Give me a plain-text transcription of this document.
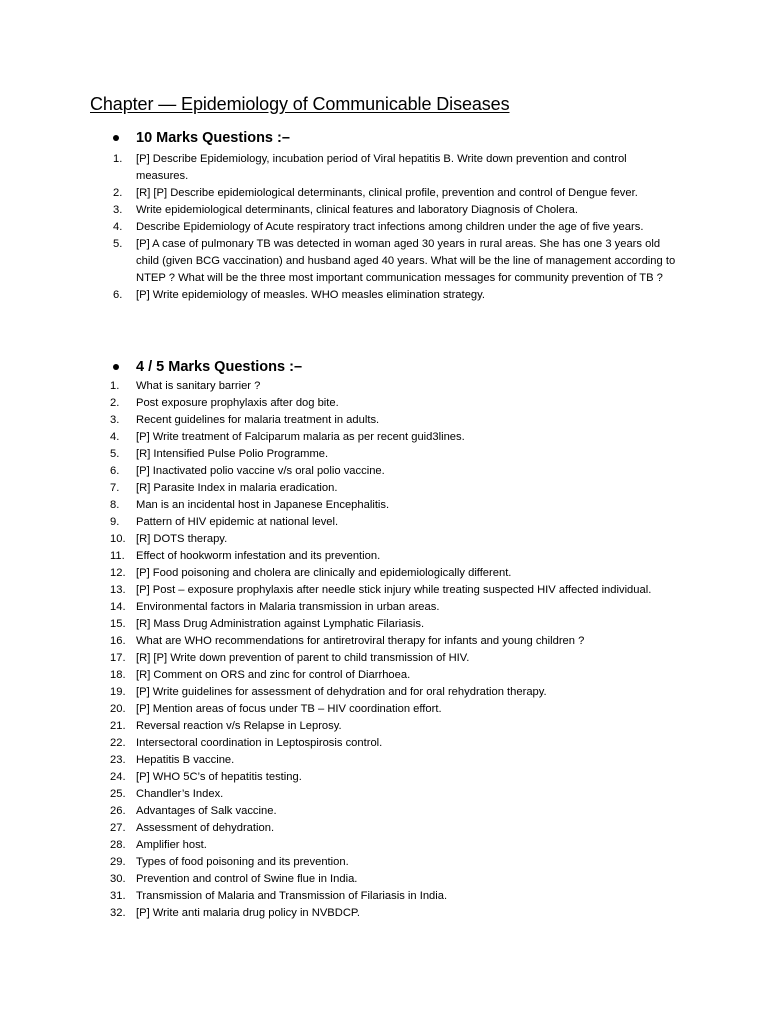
Chapter — Epidemiology of Communicable Diseases
10 Marks Questions :–
1.	[P] Describe Epidemiology, incubation period of Viral hepatitis B. Write down prevention and control measures.
2.	[R] [P] Describe epidemiological determinants, clinical profile, prevention and control of Dengue fever.
3.	Write epidemiological determinants, clinical features and laboratory Diagnosis of Cholera.
4.	Describe Epidemiology of Acute respiratory tract infections among children under the age of five years.
5.	[P] A case of pulmonary TB was detected in woman aged 30 years in rural areas. She has one 3 years old child (given BCG vaccination) and husband aged 40 years. What will be the line of management according to NTEP ? What will be the three most important communication messages for community prevention of TB ?
6.	[P] Write epidemiology of measles. WHO measles elimination strategy.
4 / 5 Marks Questions :–
1.	What is sanitary barrier ?
2.	Post exposure prophylaxis after dog bite.
3.	Recent guidelines for malaria treatment in adults.
4.	[P] Write treatment of Falciparum malaria as per recent guid3lines.
5.	[R] Intensified Pulse Polio Programme.
6.	[P] Inactivated polio vaccine v/s oral polio vaccine.
7.	[R] Parasite Index in malaria eradication.
8.	Man is an incidental host in Japanese Encephalitis.
9.	Pattern of HIV epidemic at national level.
10. [R] DOTS therapy.
11.	Effect of hookworm infestation and its prevention.
12. [P] Food poisoning and cholera are clinically and epidemiologically different.
13. [P] Post – exposure prophylaxis after needle stick injury while treating suspected HIV affected individual.
14. Environmental factors in Malaria transmission in urban areas.
15. [R] Mass Drug Administration against Lymphatic Filariasis.
16. What are WHO recommendations for antiretroviral therapy for infants and young children ?
17. [R] [P] Write down prevention of parent to child transmission of HIV.
18. [R] Comment on ORS and zinc for control of Diarrhoea.
19. [P] Write guidelines for assessment of dehydration and for oral rehydration therapy.
20. [P] Mention areas of focus under TB – HIV coordination effort.
21. Reversal reaction v/s Relapse in Leprosy.
22. Intersectoral coordination in Leptospirosis control.
23. Hepatitis B vaccine.
24. [P] WHO 5C’s of hepatitis testing.
25. Chandler’s Index.
26. Advantages of Salk vaccine.
27. Assessment of dehydration.
28. Amplifier host.
29. Types of food poisoning and its prevention.
30. Prevention and control of Swine flue in India.
31. Transmission of Malaria and Transmission of Filariasis in India.
32. [P] Write anti malaria drug policy in NVBDCP.
